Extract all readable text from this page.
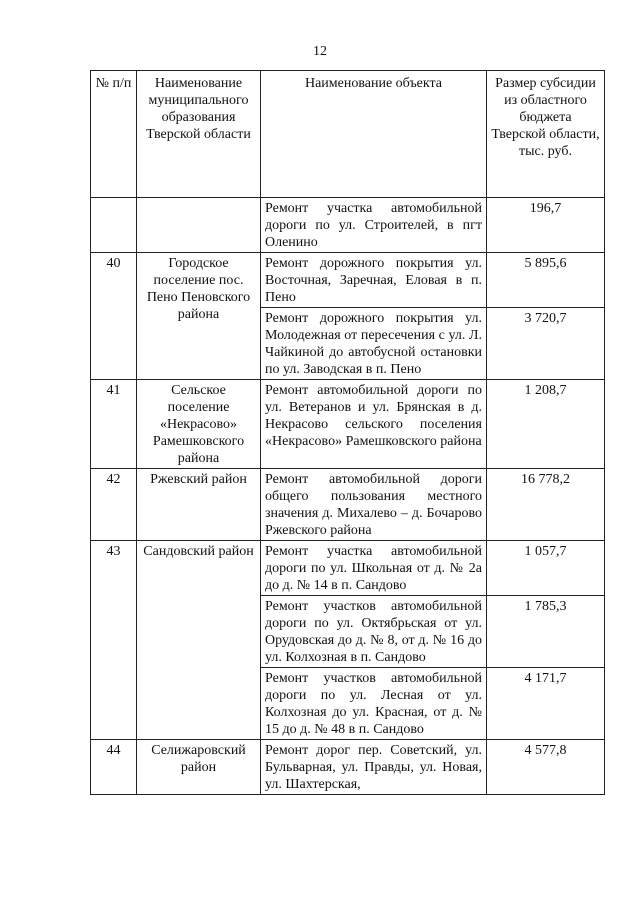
12
№ п/п	Наименование муниципального образования Тверской области	Наименование объекта	Размер субсидии из областного бюджета Тверской области, тыс. руб.
		Ремонт участка автомобильной дороги по ул. Строителей, в пгт Оленино	196,7
40	Городское поселение пос. Пено Пеновского района	Ремонт дорожного покрытия ул. Восточная, Заречная, Еловая в п. Пено	5 895,6
		Ремонт дорожного покрытия ул. Молодежная от пересечения с ул. Л. Чайкиной до автобусной остановки по ул. Заводская в п. Пено	3 720,7
41	Сельское поселение «Некрасово» Рамешковского района	Ремонт автомобильной дороги по ул. Ветеранов и ул. Брянская в д. Некрасово сельского поселения «Некрасово» Рамешковского района	1 208,7
42	Ржевский район	Ремонт автомобильной дороги общего пользования местного значения д. Михалево – д. Бочарово Ржевского района	16 778,2
43	Сандовский район	Ремонт участка автомобильной дороги по ул. Школьная от д. № 2а до д. № 14 в п. Сандово	1 057,7
		Ремонт участков автомобильной дороги по ул. Октябрьская от ул. Орудовская до д. № 8, от д. № 16 до ул. Колхозная в п. Сандово	1 785,3
		Ремонт участков автомобильной дороги по ул. Лесная от ул. Колхозная до ул. Красная, от д. № 15 до д. № 48 в п. Сандово	4 171,7
44	Селижаровский район	Ремонт дорог пер. Советский, ул. Бульварная, ул. Правды, ул. Новая, ул. Шахтерская,	4 577,8
